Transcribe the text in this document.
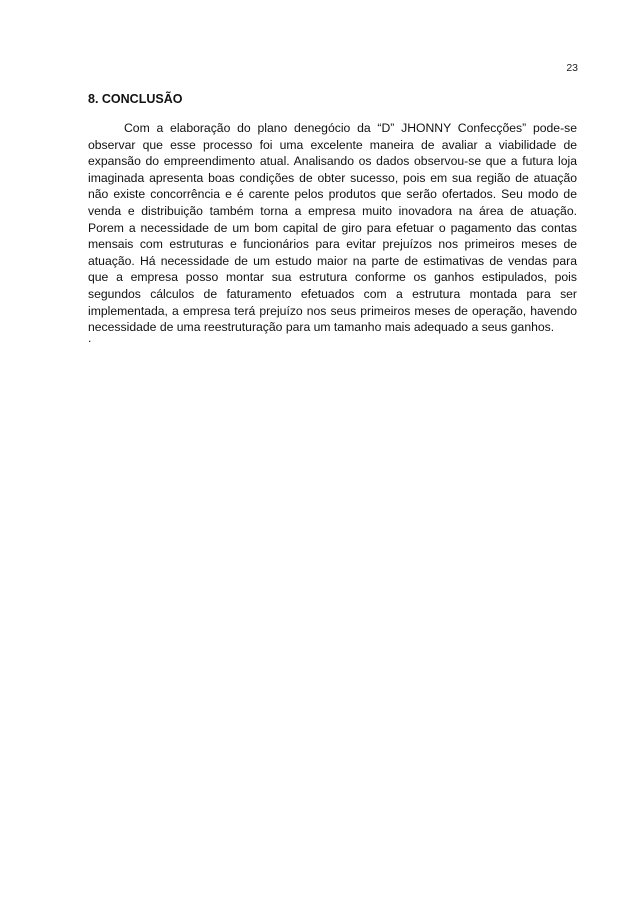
23
8. CONCLUSÃO

Com a elaboração do plano denegócio da “D” JHONNY Confecções” pode-se observar que esse processo foi uma excelente maneira de avaliar a viabilidade de expansão do empreendimento atual. Analisando os dados observou-se que a futura loja imaginada apresenta boas condições de obter sucesso, pois em sua região de atuação não existe concorrência e é carente pelos produtos que serão ofertados. Seu modo de venda e distribuição também torna a empresa muito inovadora na área de atuação. Porem a necessidade de um bom capital de giro para efetuar o pagamento das contas mensais com estruturas e funcionários para evitar prejuízos nos primeiros meses de atuação. Há necessidade de um estudo maior na parte de estimativas de vendas para que a empresa posso montar sua estrutura conforme os ganhos estipulados, pois segundos cálculos de faturamento efetuados com a estrutura montada para ser implementada, a empresa terá prejuízo nos seus primeiros meses de operação, havendo necessidade de uma reestruturação para um tamanho mais adequado a seus ganhos.

.
